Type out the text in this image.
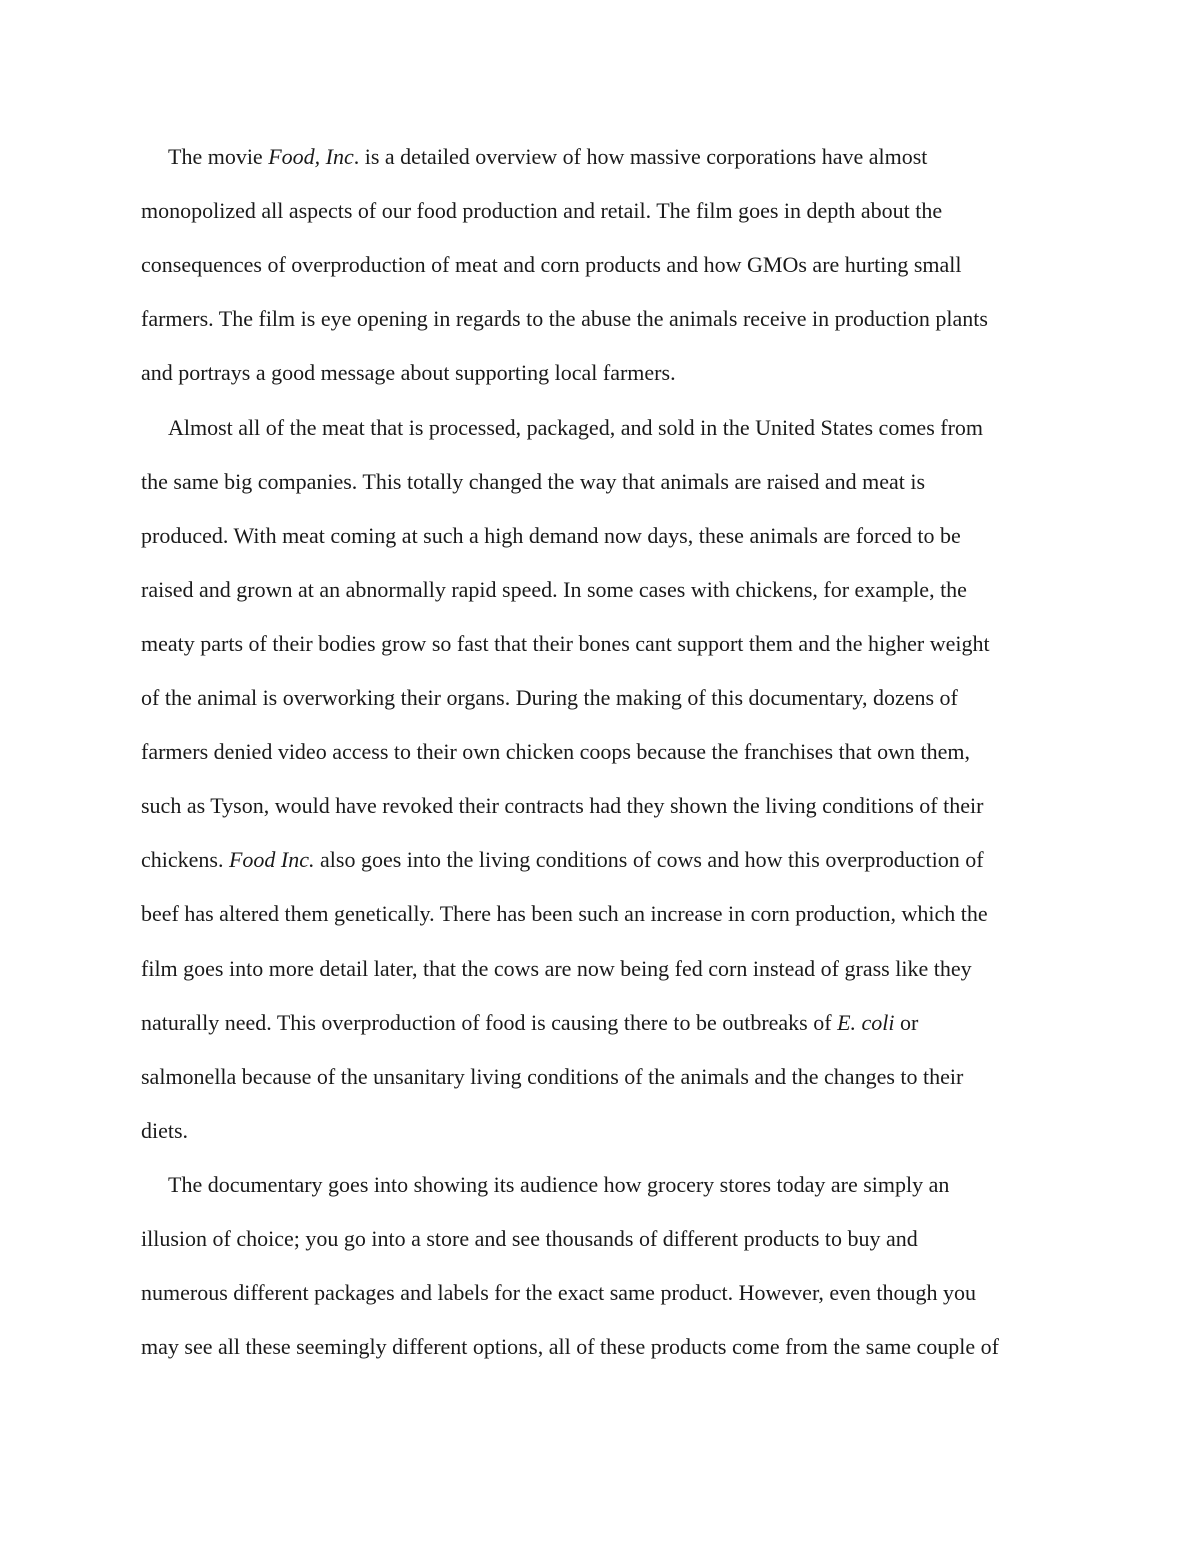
The movie Food, Inc. is a detailed overview of how massive corporations have almost
monopolized all aspects of our food production and retail. The film goes in depth about the
consequences of overproduction of meat and corn products and how GMOs are hurting small
farmers. The film is eye opening in regards to the abuse the animals receive in production plants
and portrays a good message about supporting local farmers.
Almost all of the meat that is processed, packaged, and sold in the United States comes from
the same big companies. This totally changed the way that animals are raised and meat is
produced. With meat coming at such a high demand now days, these animals are forced to be
raised and grown at an abnormally rapid speed. In some cases with chickens, for example, the
meaty parts of their bodies grow so fast that their bones cant support them and the higher weight
of the animal is overworking their organs. During the making of this documentary, dozens of
farmers denied video access to their own chicken coops because the franchises that own them,
such as Tyson, would have revoked their contracts had they shown the living conditions of their
chickens. Food Inc. also goes into the living conditions of cows and how this overproduction of
beef has altered them genetically. There has been such an increase in corn production, which the
film goes into more detail later, that the cows are now being fed corn instead of grass like they
naturally need. This overproduction of food is causing there to be outbreaks of E. coli or
salmonella because of the unsanitary living conditions of the animals and the changes to their
diets.
The documentary goes into showing its audience how grocery stores today are simply an
illusion of choice; you go into a store and see thousands of different products to buy and
numerous different packages and labels for the exact same product. However, even though you
may see all these seemingly different options, all of these products come from the same couple of
